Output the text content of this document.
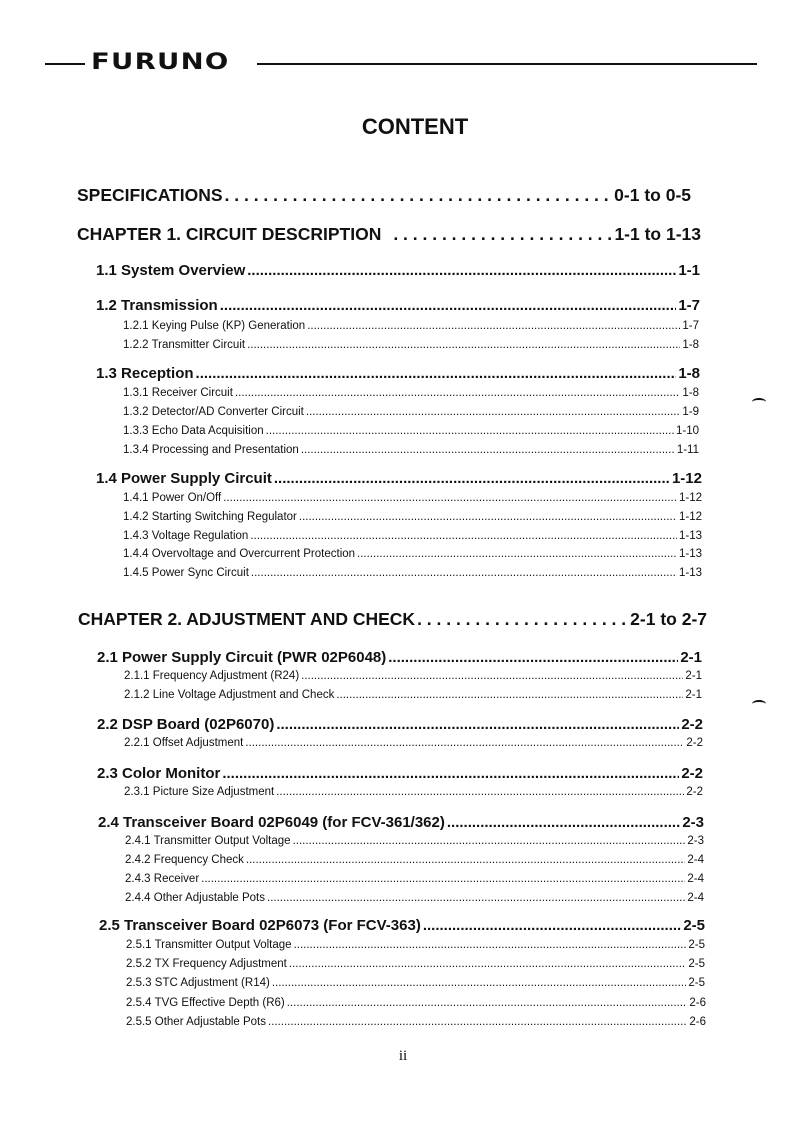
FURUNO
CONTENT
SPECIFICATIONS . . .	0-1 to 0-5
CHAPTER 1. CIRCUIT DESCRIPTION . . .	1-1 to 1-13
1.1 System Overview .....	1-1
1.2 Transmission .....	1-7
1.2.1 Keying Pulse (KP) Generation .....	1-7
1.2.2 Transmitter Circuit .....	1-8
1.3 Reception .....	1-8
1.3.1 Receiver Circuit .....	1-8
1.3.2 Detector/AD Converter Circuit .....	1-9
1.3.3 Echo Data Acquisition .....	1-10
1.3.4 Processing and Presentation .....	1-11
1.4 Power Supply Circuit .....	1-12
1.4.1 Power On/Off .....	1-12
1.4.2 Starting Switching Regulator .....	1-12
1.4.3 Voltage Regulation .....	1-13
1.4.4 Overvoltage and Overcurrent Protection .....	1-13
1.4.5 Power Sync Circuit .....	1-13
CHAPTER 2. ADJUSTMENT AND CHECK . . .	2-1 to 2-7
2.1 Power Supply Circuit (PWR 02P6048) .....	2-1
2.1.1 Frequency Adjustment (R24) .....	2-1
2.1.2 Line Voltage Adjustment and Check .....	2-1
2.2 DSP Board (02P6070) .....	2-2
2.2.1 Offset Adjustment .....	2-2
2.3 Color Monitor .....	2-2
2.3.1 Picture Size Adjustment .....	2-2
2.4 Transceiver Board 02P6049 (for FCV-361/362) .....	2-3
2.4.1 Transmitter Output Voltage .....	2-3
2.4.2 Frequency Check .....	2-4
2.4.3 Receiver .....	2-4
2.4.4 Other Adjustable Pots .....	2-4
2.5 Transceiver Board 02P6073 (For FCV-363) .....	2-5
2.5.1 Transmitter Output Voltage .....	2-5
2.5.2 TX Frequency Adjustment .....	2-5
2.5.3 STC Adjustment (R14) .....	2-5
2.5.4 TVG Effective Depth (R6) .....	2-6
2.5.5 Other Adjustable Pots .....	2-6
ii
